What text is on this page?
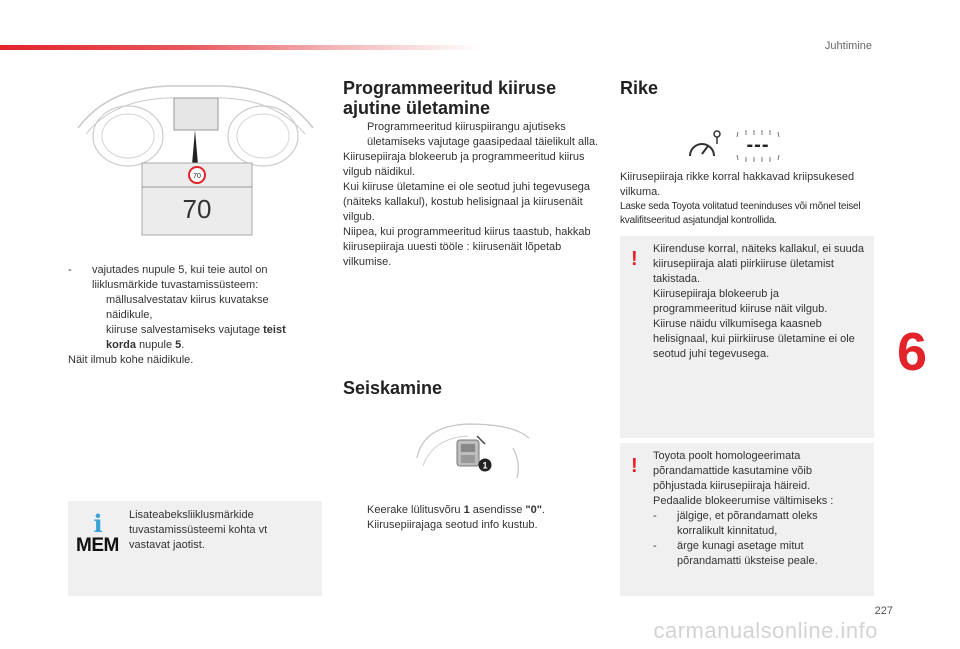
Juhtimine
6
227
carmanualsonline.info
70
70
-	vajutades nupule 5, kui teie autol on liiklusmärkide tuvastamissüsteem:
mällusalvestatav kiirus kuvatakse näidikule,
kiiruse salvestamiseks vajutage teist korda nupule 5.
Näit ilmub kohe näidikule.
i
MEM
Lisateabeksliiklusmärkide tuvastamissüsteemi kohta vt vastavat jaotist.
Programmeeritud kiiruse ajutine ületamine
Programmeeritud kiiruspiirangu ajutiseks ületamiseks vajutage gaasipedaal täielikult alla.
Kiirusepiiraja blokeerub ja programmeeritud kiirus vilgub näidikul.
Kui kiiruse ületamine ei ole seotud juhi tegevusega (näiteks kallakul), kostub helisignaal ja kiirusenäit vilgub.
Niipea, kui programmeeritud kiirus taastub, hakkab kiirusepiiraja uuesti tööle : kiirusenäit lõpetab vilkumise.
Seiskamine
1
Keerake lülitusvõru 1 asendisse "0".
Kiirusepiirajaga seotud info kustub.
Rike
---
Kiirusepiiraja rikke korral hakkavad kriipsukesed vilkuma.
Laske seda Toyota volitatud teeninduses või mõnel teisel kvalifitseeritud asjatundjal kontrollida.
! Kiirenduse korral, näiteks kallakul, ei suuda kiirusepiiraja alati piirkiiruse ületamist takistada.
Kiirusepiiraja blokeerub ja programmeeritud kiiruse näit vilgub.
Kiiruse näidu vilkumisega kaasneb helisignaal, kui piirkiiruse ületamine ei ole seotud juhi tegevusega.
! Toyota poolt homologeerimata põrandamattide kasutamine võib põhjustada kiirusepiiraja häireid.
Pedaalide blokeerumise vältimiseks :
-	jälgige, et põrandamatt oleks korralikult kinnitatud,
-	ärge kunagi asetage mitut põrandamatti üksteise peale.
